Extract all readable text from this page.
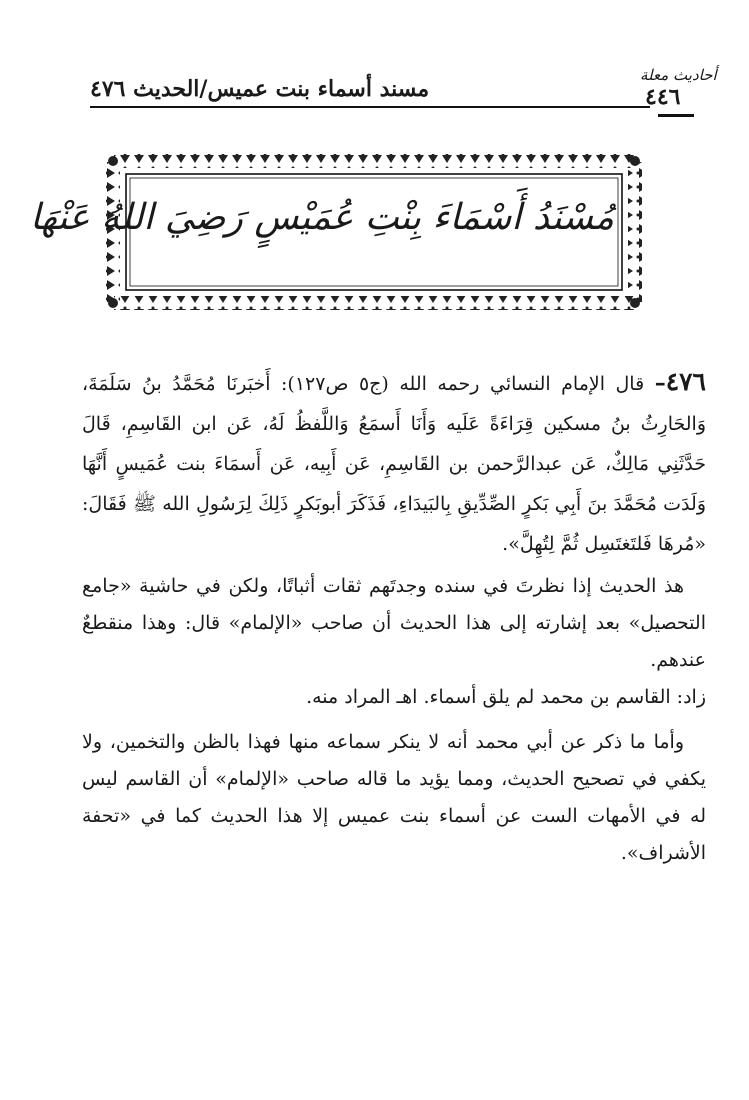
مسند أسماء بنت عميس/الحديث ٤٧٦
أحاديث معلة
٤٤٦
مُسْنَدُ أَسْمَاءَ بِنْتِ عُمَيْسٍ رَضِيَ اللهُ عَنْهَا

٤٧٦– قال الإمام النسائي رحمه الله (ج٥ ص١٢٧): أَخبَرنَا مُحَمَّدُ بنُ سَلَمَةَ، وَالحَارِثُ بنُ مسكين قِرَاءَةً عَلَيه وَأَنَا أَسمَعُ وَاللَّفظُ لَهُ، عَن ابن القَاسِمِ، قَالَ حَدَّثَنِي مَالِكٌ، عَن عبدالرَّحمن بن القَاسِمِ، عَن أَبِيه، عَن أَسمَاءَ بنت عُمَيسٍ أَنَّهَا وَلَدَت مُحَمَّدَ بنَ أَبِي بَكرٍ الصِّدِّيقِ بِالبَيدَاءِ، فَذَكَرَ أبوبَكرٍ ذَلِكَ لِرَسُولِ الله ﷺ فَقَالَ: «مُرهَا فَلتَغتَسِل ثُمَّ لِتُهِلَّ».

هذ الحديث إذا نظرتَ في سنده وجدتَهم ثقات أثباتًا، ولكن في حاشية «جامع التحصيل» بعد إشارته إلى هذا الحديث أن صاحب «الإلمام» قال: وهذا منقطعٌ عندهم.

زاد: القاسم بن محمد لم يلق أسماء. اهـ المراد منه.

وأما ما ذكر عن أبي محمد أنه لا ينكر سماعه منها فهذا بالظن والتخمين، ولا يكفي في تصحيح الحديث، ومما يؤيد ما قاله صاحب «الإلمام» أن القاسم ليس له في الأمهات الست عن أسماء بنت عميس إلا هذا الحديث كما في «تحفة الأشراف».
